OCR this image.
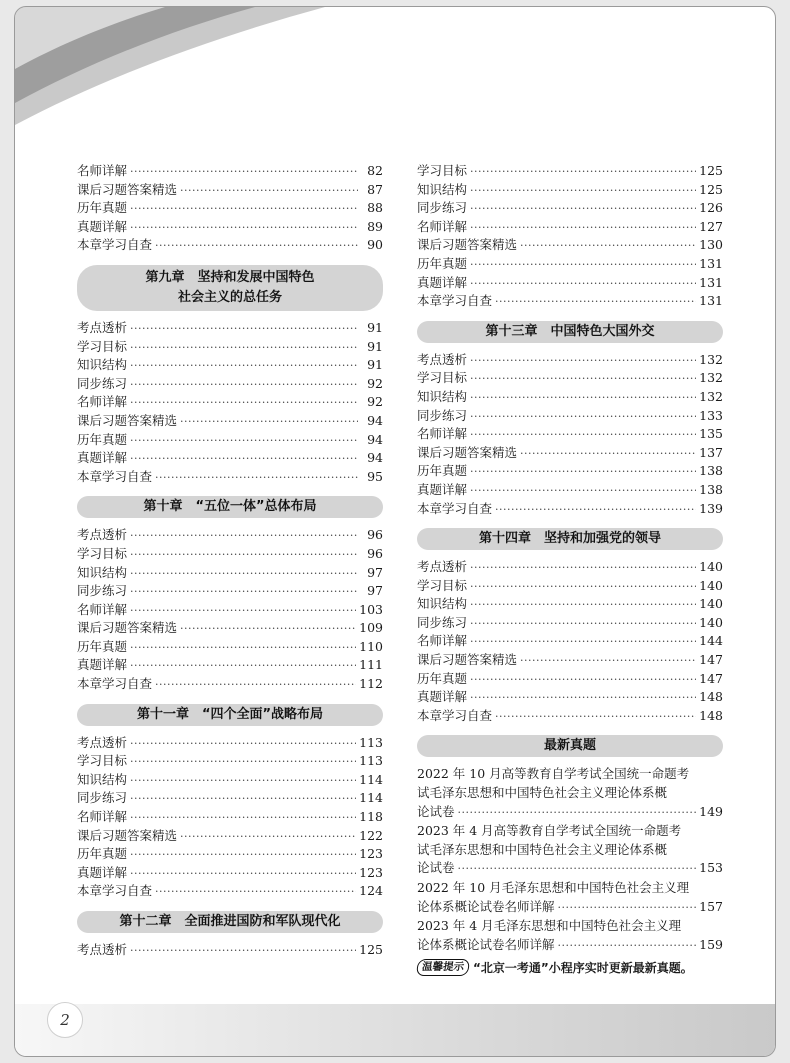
名师详解 ·····	82
课后习题答案精选 ·····	87
历年真题 ·····	88
真题详解 ·····	89
本章学习自查 ·····	90
第九章　坚持和发展中国特色
社会主义的总任务
考点透析 ·····	91
学习目标 ·····	91
知识结构 ·····	91
同步练习 ·····	92
名师详解 ·····	92
课后习题答案精选 ·····	94
历年真题 ·····	94
真题详解 ·····	94
本章学习自查 ·····	95
第十章　“五位一体”总体布局
考点透析 ·····	96
学习目标 ·····	96
知识结构 ·····	97
同步练习 ·····	97
名师详解 ·····	103
课后习题答案精选 ·····	109
历年真题 ·····	110
真题详解 ·····	111
本章学习自查 ·····	112
第十一章　“四个全面”战略布局
考点透析 ·····	113
学习目标 ·····	113
知识结构 ·····	114
同步练习 ·····	114
名师详解 ·····	118
课后习题答案精选 ·····	122
历年真题 ·····	123
真题详解 ·····	123
本章学习自查 ·····	124
第十二章　全面推进国防和军队现代化
考点透析 ·····	125
学习目标 ·····	125
知识结构 ·····	125
同步练习 ·····	126
名师详解 ·····	127
课后习题答案精选 ·····	130
历年真题 ·····	131
真题详解 ·····	131
本章学习自查 ·····	131
第十三章　中国特色大国外交
考点透析 ·····	132
学习目标 ·····	132
知识结构 ·····	132
同步练习 ·····	133
名师详解 ·····	135
课后习题答案精选 ·····	137
历年真题 ·····	138
真题详解 ·····	138
本章学习自查 ·····	139
第十四章　坚持和加强党的领导
考点透析 ·····	140
学习目标 ·····	140
知识结构 ·····	140
同步练习 ·····	140
名师详解 ·····	144
课后习题答案精选 ·····	147
历年真题 ·····	147
真题详解 ·····	148
本章学习自查 ·····	148
最新真题
2022 年 10 月高等教育自学考试全国统一命题考
试毛泽东思想和中国特色社会主义理论体系概
论试卷 ·····	149
2023 年 4 月高等教育自学考试全国统一命题考
试毛泽东思想和中国特色社会主义理论体系概
论试卷 ·····	153
2022 年 10 月毛泽东思想和中国特色社会主义理
论体系概论试卷名师详解 ·····	157
2023 年 4 月毛泽东思想和中国特色社会主义理
论体系概论试卷名师详解 ·····	159
温馨提示 “北京一考通”小程序实时更新最新真题。
2
